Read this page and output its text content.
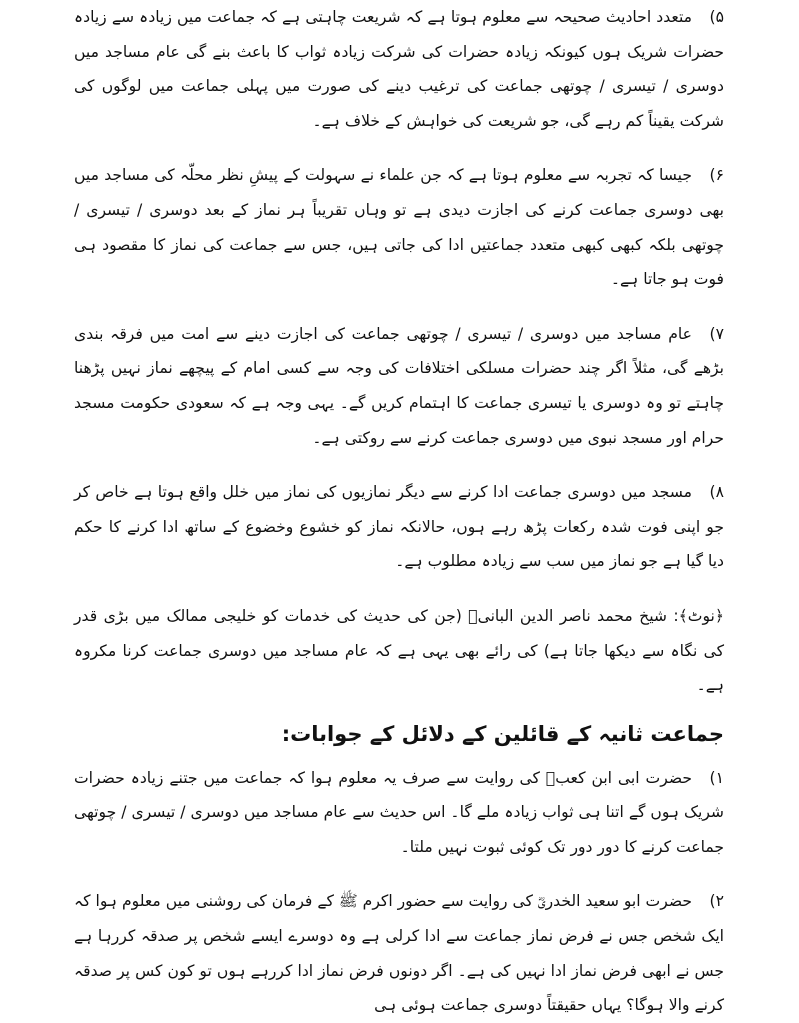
۵)متعدد احادیث صحیحہ سے معلوم ہوتا ہے کہ شریعت چاہتی ہے کہ جماعت میں زیادہ سے زیادہ حضرات شریک ہوں کیونکہ زیادہ حضرات کی شرکت زیادہ ثواب کا باعث بنے گی عام مساجد میں دوسری / تیسری / چوتھی جماعت کی ترغیب دینے کی صورت میں پہلی جماعت میں لوگوں کی شرکت یقیناً کم رہے گی، جو شریعت کی خواہش کے خلاف ہے۔

۶)جیسا کہ تجربہ سے معلوم ہوتا ہے کہ جن علماء نے سہولت کے پیشِ نظر محلّہ کی مساجد میں بھی دوسری جماعت کرنے کی اجازت دیدی ہے تو وہاں تقریباً ہر نماز کے بعد دوسری / تیسری / چوتھی بلکہ کبھی کبھی متعدد جماعتیں ادا کی جاتی ہیں، جس سے جماعت کی نماز کا مقصود ہی فوت ہو جاتا ہے۔

۷)عام مساجد میں دوسری / تیسری / چوتھی جماعت کی اجازت دینے سے امت میں فرقہ بندی بڑھے گی، مثلاً اگر چند حضرات مسلکی اختلافات کی وجہ سے کسی امام کے پیچھے نماز نہیں پڑھنا چاہتے تو وہ دوسری یا تیسری جماعت کا اہتمام کریں گے۔ یہی وجہ ہے کہ سعودی حکومت مسجد حرام اور مسجد نبوی میں دوسری جماعت کرنے سے روکتی ہے۔

۸)مسجد میں دوسری جماعت ادا کرنے سے دیگر نمازیوں کی نماز میں خلل واقع ہوتا ہے خاص کر جو اپنی فوت شدہ رکعات پڑھ رہے ہوں، حالانکہ نماز کو خشوع وخضوع کے ساتھ ادا کرنے کا حکم دیا گیا ہے جو نماز میں سب سے زیادہ مطلوب ہے۔

﴿نوٹ﴾: شیخ محمد ناصر الدین البانیؒ (جن کی حدیث کی خدمات کو خلیجی ممالک میں بڑی قدر کی نگاہ سے دیکھا جاتا ہے) کی رائے بھی یہی ہے کہ عام مساجد میں دوسری جماعت کرنا مکروہ ہے۔

جماعت ثانیہ کے قائلین کے دلائل کے جوابات:

۱)حضرت ابی ابن کعبؓ کی روایت سے صرف یہ معلوم ہوا کہ جماعت میں جتنے زیادہ حضرات شریک ہوں گے اتنا ہی ثواب زیادہ ملے گا۔ اس حدیث سے عام مساجد میں دوسری / تیسری / چوتھی جماعت کرنے کا دور دور تک کوئی ثبوت نہیں ملتا۔

۲)حضرت ابو سعید الخدریؓ کی روایت سے حضور اکرم ﷺ کے فرمان کی روشنی میں معلوم ہوا کہ ایک شخص جس نے فرض نماز جماعت سے ادا کرلی ہے وہ دوسرے ایسے شخص پر صدقہ کررہا ہے جس نے ابھی فرض نماز ادا نہیں کی ہے۔ اگر دونوں فرض نماز ادا کررہے ہوں تو کون کس پر صدقہ کرنے والا ہوگا؟ یہاں حقیقتاً دوسری جماعت ہوئی ہی
